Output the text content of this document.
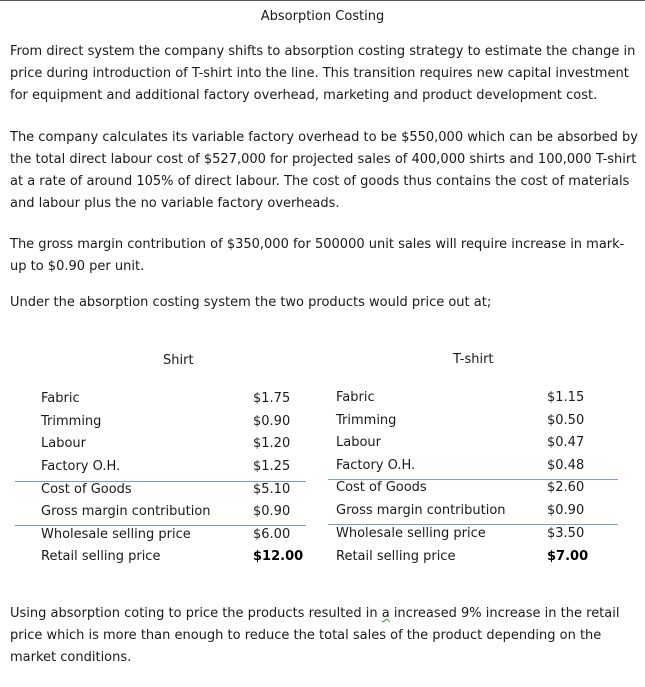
Absorption Costing

From direct system the company shifts to absorption costing strategy to estimate the change in price during introduction of T-shirt into the line. This transition requires new capital investment for equipment and additional factory overhead, marketing and product development cost.

The company calculates its variable factory overhead to be $550,000 which can be absorbed by the total direct labour cost of $527,000 for projected sales of 400,000 shirts and 100,000 T-shirt at a rate of around 105% of direct labour. The cost of goods thus contains the cost of materials and labour plus the no variable factory overheads.

The gross margin contribution of $350,000 for 500000 unit sales will require increase in mark-up to $0.90 per unit.

Under the absorption costing system the two products would price out at;

Shirt	T-shirt
Fabric	$1.75
Trimming	$0.90
Labour	$1.20
Factory O.H.	$1.25
Cost of Goods	$5.10
Gross margin contribution	$0.90
Wholesale selling price	$6.00
Retail selling price	$12.00
Fabric	$1.15
Trimming	$0.50
Labour	$0.47
Factory O.H.	$0.48
Cost of Goods	$2.60
Gross margin contribution	$0.90
Wholesale selling price	$3.50
Retail selling price	$7.00

Using absorption coting to price the products resulted in a increased 9% increase in the retail price which is more than enough to reduce the total sales of the product depending on the market conditions.
